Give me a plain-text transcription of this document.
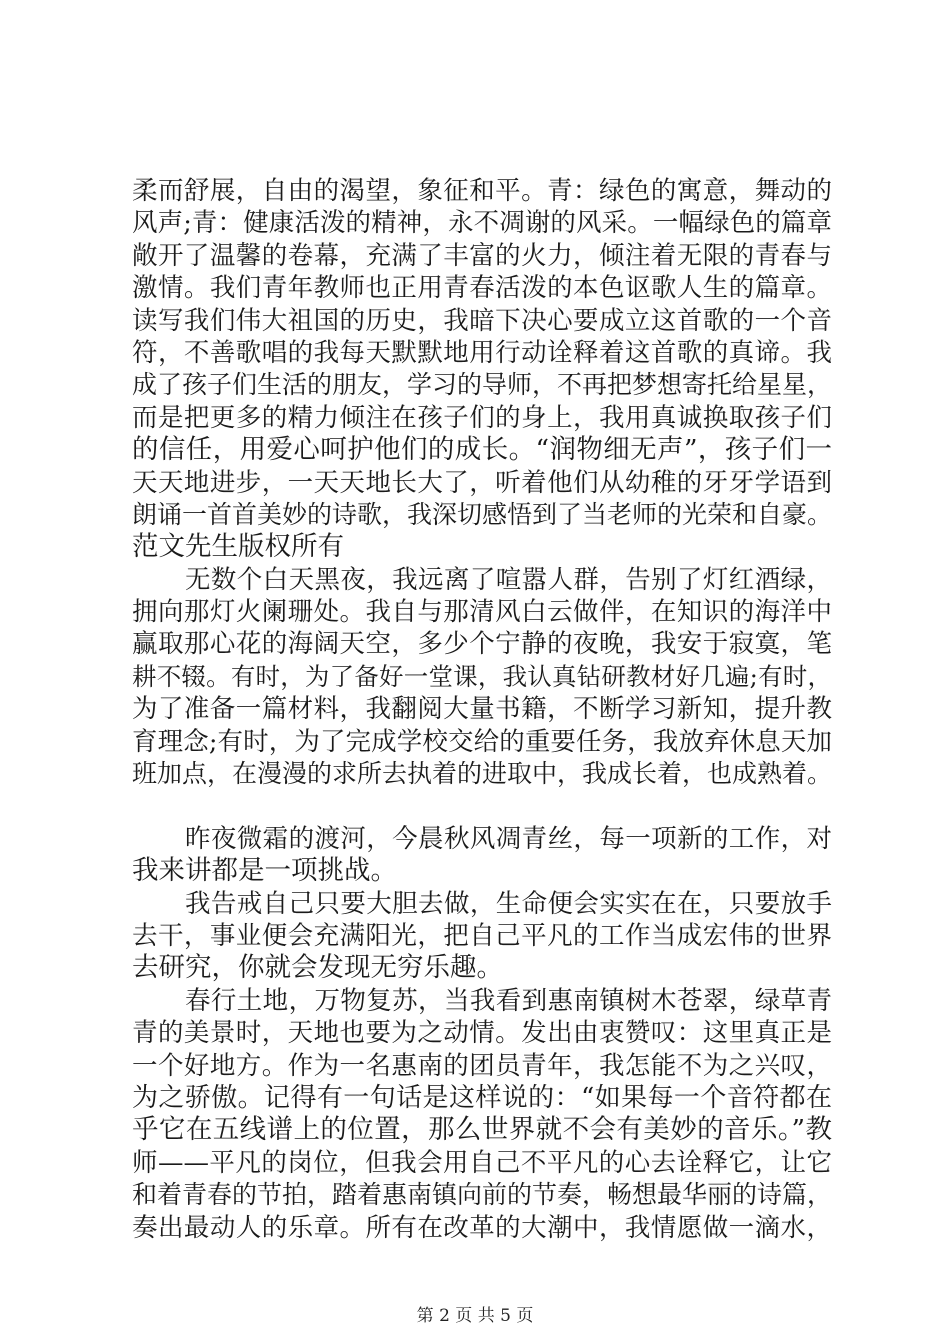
柔而舒展，自由的渴望，象征和平。青：绿色的寓意，舞动的
风声;青：健康活泼的精神，永不凋谢的风采。一幅绿色的篇章
敞开了温馨的卷幕，充满了丰富的火力，倾注着无限的青春与
激情。我们青年教师也正用青春活泼的本色讴歌人生的篇章。
读写我们伟大祖国的历史，我暗下决心要成立这首歌的一个音
符，不善歌唱的我每天默默地用行动诠释着这首歌的真谛。我
成了孩子们生活的朋友，学习的导师，不再把梦想寄托给星星，
而是把更多的精力倾注在孩子们的身上，我用真诚换取孩子们
的信任，用爱心呵护他们的成长。“润物细无声”，孩子们一
天天地进步，一天天地长大了，听着他们从幼稚的牙牙学语到
朗诵一首首美妙的诗歌，我深切感悟到了当老师的光荣和自豪。
范文先生版权所有
无数个白天黑夜，我远离了喧嚣人群，告别了灯红酒绿，
拥向那灯火阑珊处。我自与那清风白云做伴，在知识的海洋中
赢取那心花的海阔天空，多少个宁静的夜晚，我安于寂寞，笔
耕不辍。有时，为了备好一堂课，我认真钻研教材好几遍;有时，
为了准备一篇材料，我翻阅大量书籍，不断学习新知，提升教
育理念;有时，为了完成学校交给的重要任务，我放弃休息天加
班加点，在漫漫的求所去执着的进取中，我成长着，也成熟着。
昨夜微霜的渡河，今晨秋风凋青丝，每一项新的工作，对
我来讲都是一项挑战。
我告戒自己只要大胆去做，生命便会实实在在，只要放手
去干，事业便会充满阳光，把自己平凡的工作当成宏伟的世界
去研究，你就会发现无穷乐趣。
春行土地，万物复苏，当我看到惠南镇树木苍翠，绿草青
青的美景时，天地也要为之动情。发出由衷赞叹：这里真正是
一个好地方。作为一名惠南的团员青年，我怎能不为之兴叹，
为之骄傲。记得有一句话是这样说的：“如果每一个音符都在
乎它在五线谱上的位置，那么世界就不会有美妙的音乐。”教
师——平凡的岗位，但我会用自己不平凡的心去诠释它，让它
和着青春的节拍，踏着惠南镇向前的节奏，畅想最华丽的诗篇，
奏出最动人的乐章。所有在改革的大潮中，我情愿做一滴水，
第 2 页 共 5 页
